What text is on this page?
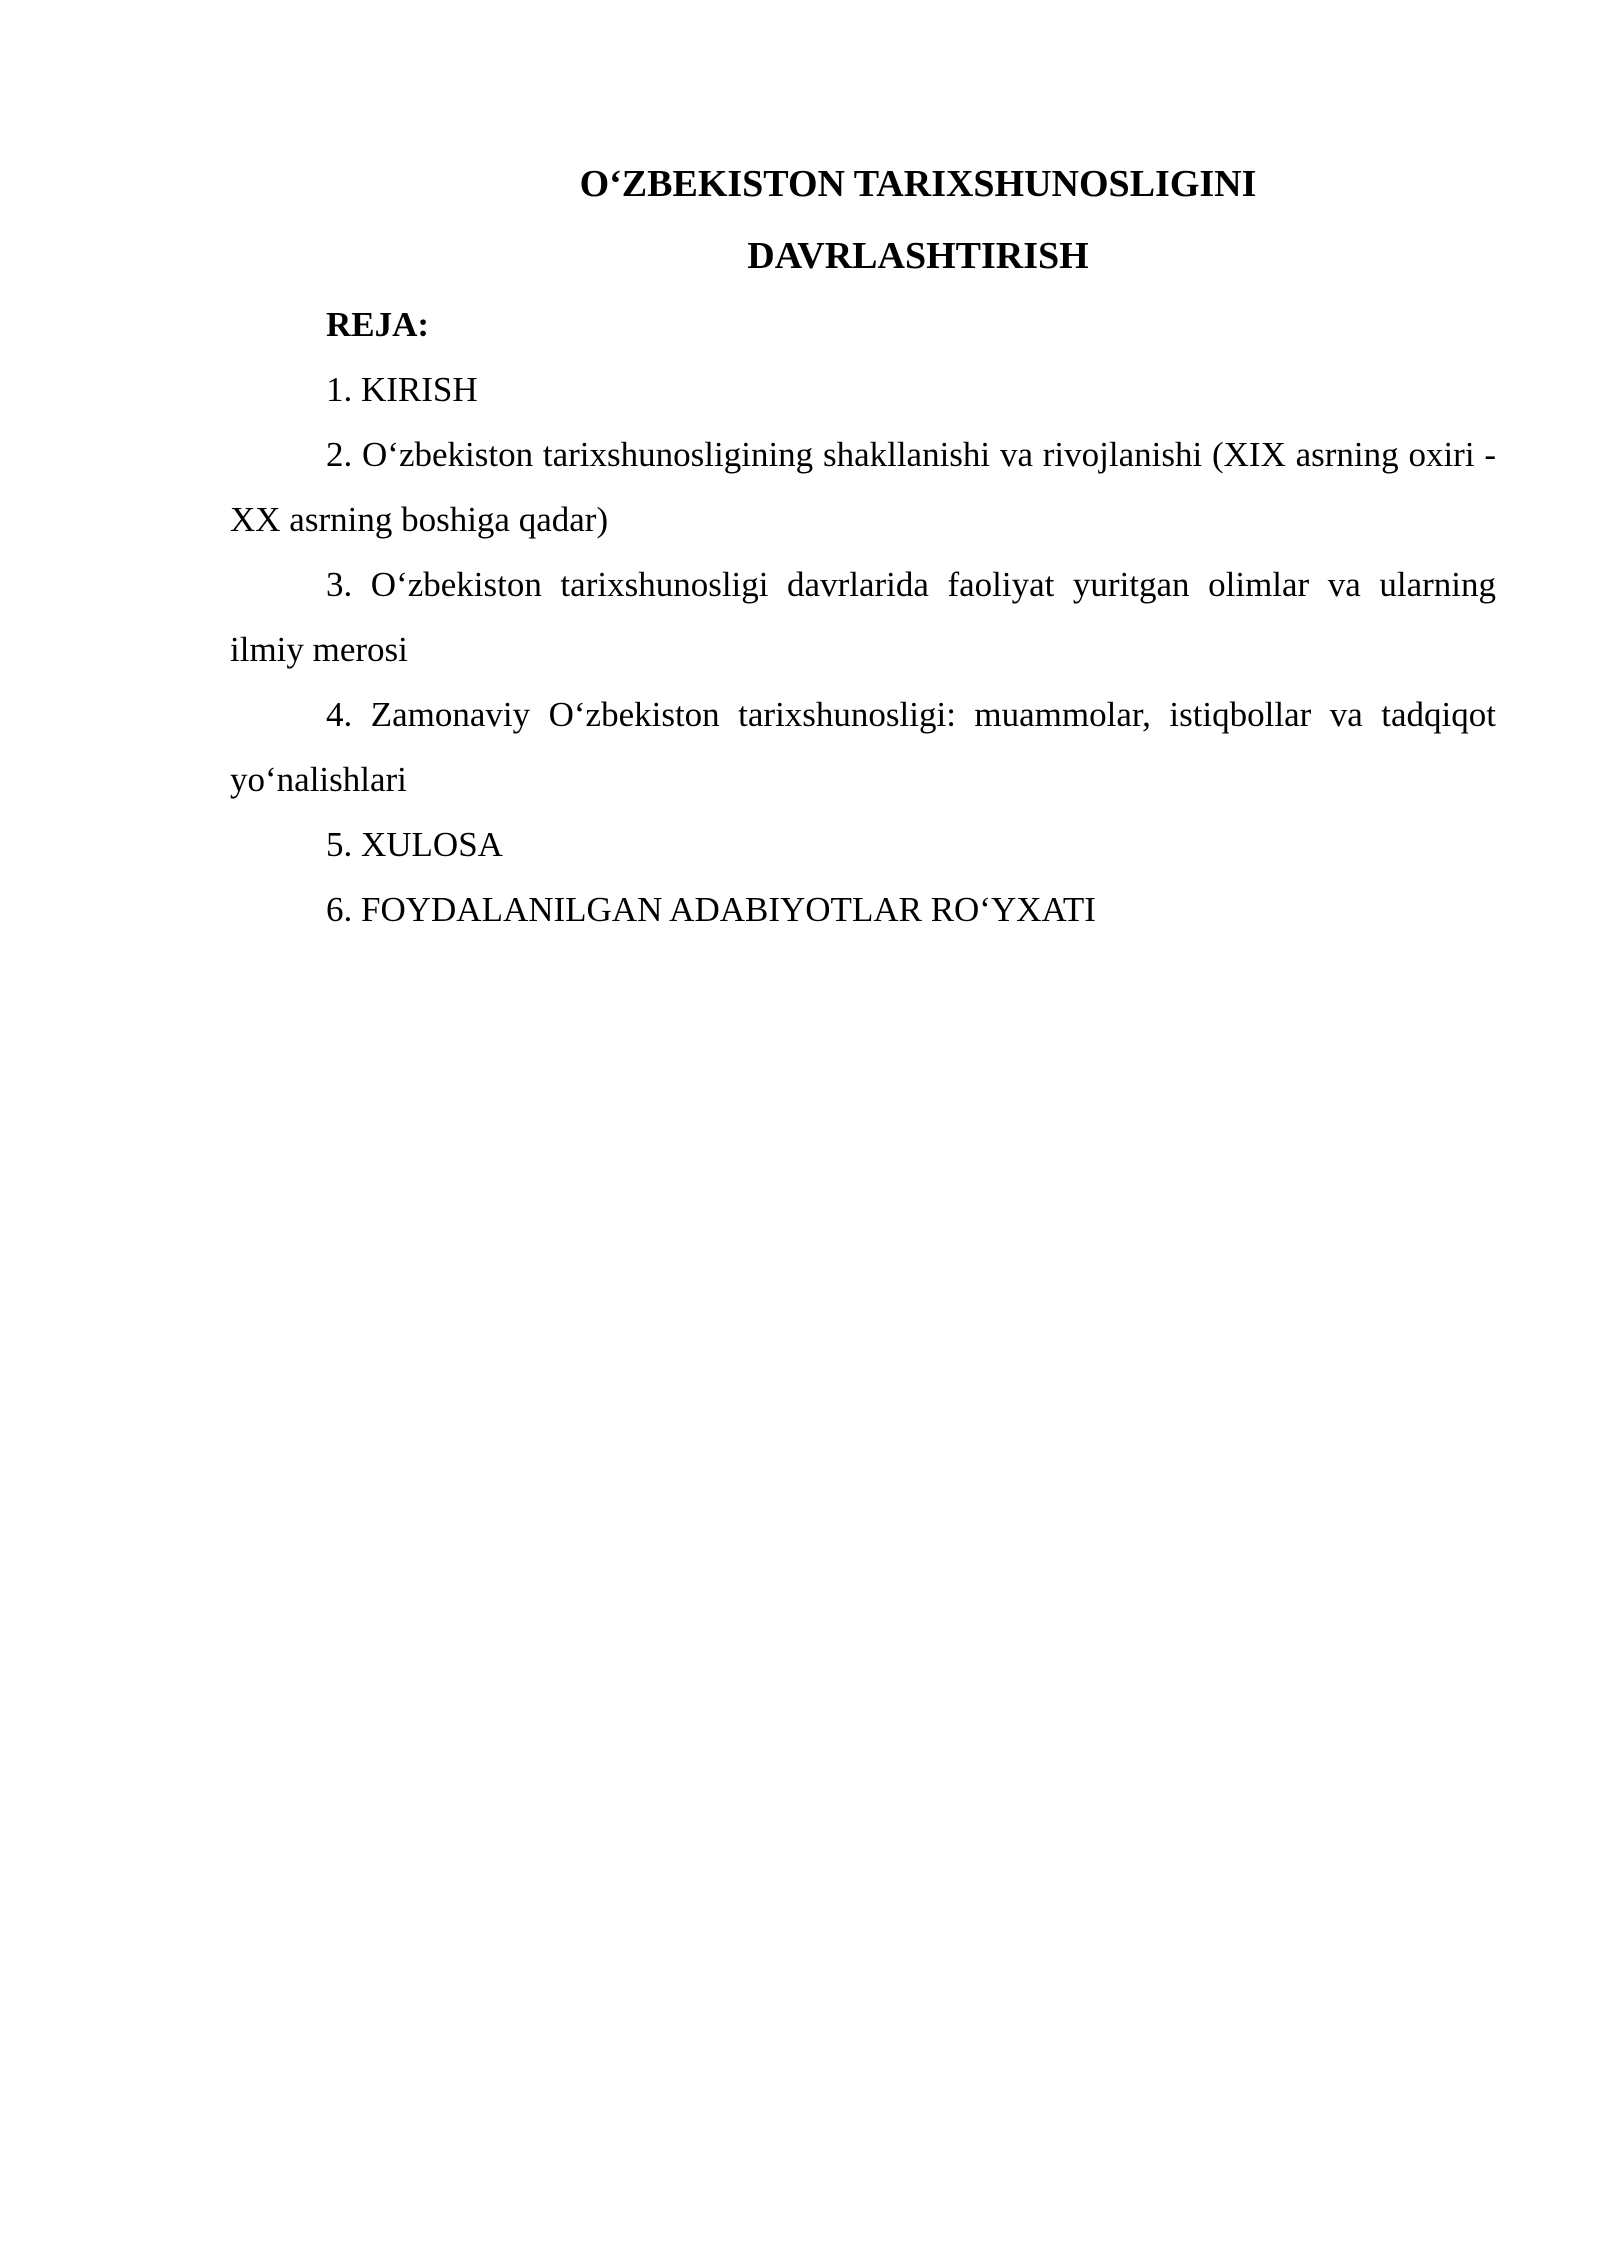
O‘ZBEKISTON TARIXSHUNOSLIGINI

DAVRLASHTIRISH

REJA:

1. KIRISH

2. O‘zbekiston tarixshunosligining shakllanishi va rivojlanishi (XIX asrning oxiri - XX asrning boshiga qadar)

3. O‘zbekiston tarixshunosligi davrlarida faoliyat yuritgan olimlar va ularning ilmiy merosi

4. Zamonaviy O‘zbekiston tarixshunosligi: muammolar, istiqbollar va tadqiqot yo‘nalishlari

5. XULOSA

6. FOYDALANILGAN ADABIYOTLAR RO‘YXATI
